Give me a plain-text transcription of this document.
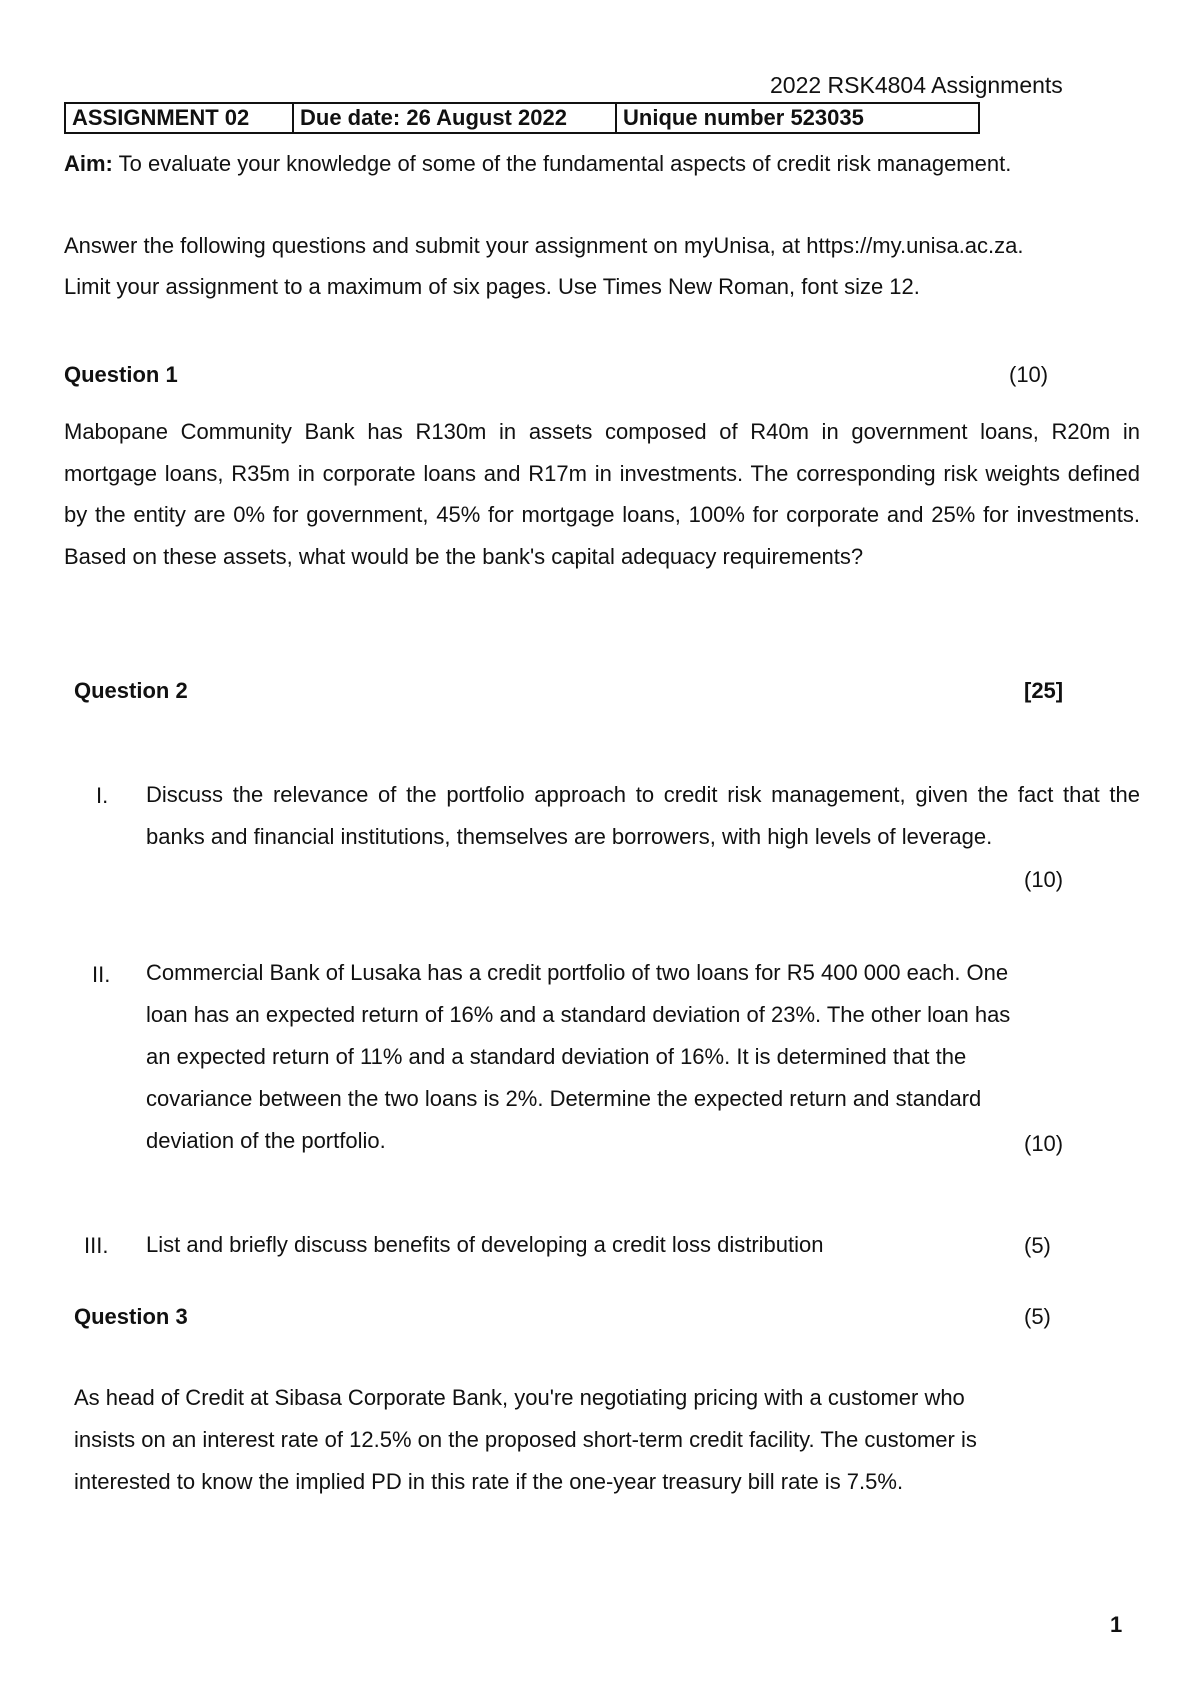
2022 RSK4804 Assignments
ASSIGNMENT 02	Due date: 26 August 2022	Unique number 523035
Aim: To evaluate your knowledge of some of the fundamental aspects of credit risk management.
Answer the following questions and submit your assignment on myUnisa, at https://my.unisa.ac.za.
Limit your assignment to a maximum of six pages. Use Times New Roman, font size 12.
Question 1	(10)
Mabopane Community Bank has R130m in assets composed of R40m in government loans, R20m in mortgage loans, R35m in corporate loans and R17m in investments. The corresponding risk weights defined by the entity are 0% for government, 45% for mortgage loans, 100% for corporate and 25% for investments. Based on these assets, what would be the bank's capital adequacy requirements?
Question 2	[25]
I. Discuss the relevance of the portfolio approach to credit risk management, given the fact that the banks and financial institutions, themselves are borrowers, with high levels of leverage.
(10)
II. Commercial Bank of Lusaka has a credit portfolio of two loans for R5 400 000 each. One
loan has an expected return of 16% and a standard deviation of 23%. The other loan has
an expected return of 11% and a standard deviation of 16%. It is determined that the
covariance between the two loans is 2%. Determine the expected return and standard
deviation of the portfolio.	(10)
III. List and briefly discuss benefits of developing a credit loss distribution	(5)
Question 3	(5)
As head of Credit at Sibasa Corporate Bank, you're negotiating pricing with a customer who
insists on an interest rate of 12.5% on the proposed short-term credit facility. The customer is
interested to know the implied PD in this rate if the one-year treasury bill rate is 7.5%.
1
